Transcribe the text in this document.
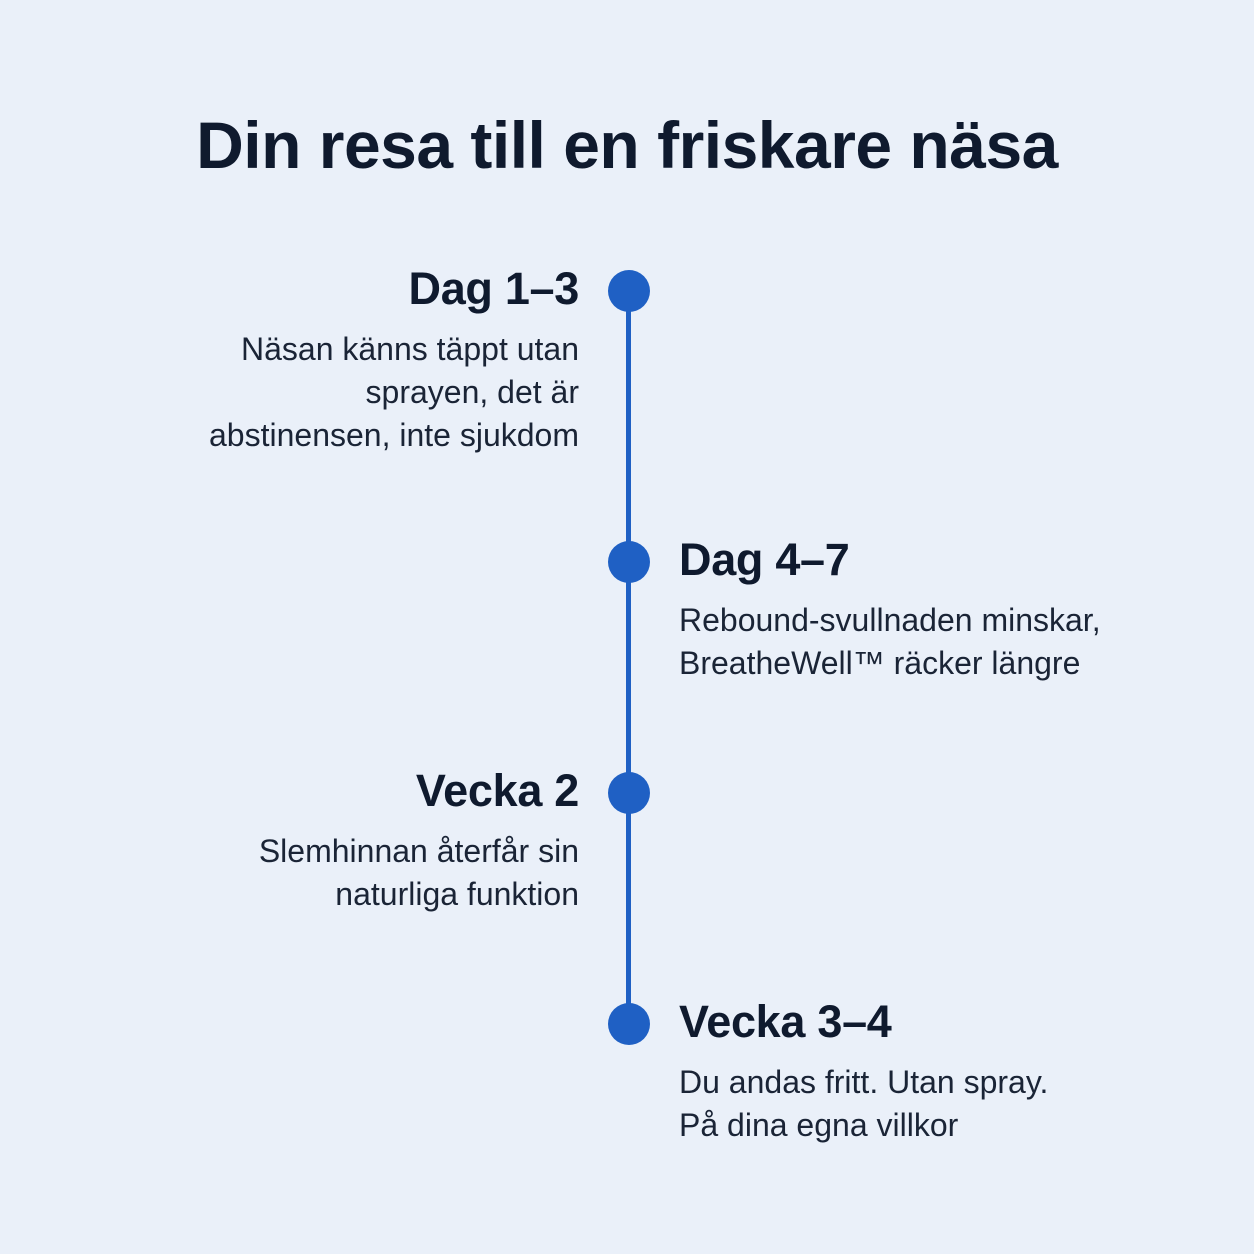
Din resa till en friskare näsa
Dag 1–3
Näsan känns täppt utan
sprayen, det är
abstinensen, inte sjukdom
Dag 4–7
Rebound-svullnaden minskar,
BreatheWell™ räcker längre
Vecka 2
Slemhinnan återfår sin
naturliga funktion
Vecka 3–4
Du andas fritt. Utan spray.
På dina egna villkor
